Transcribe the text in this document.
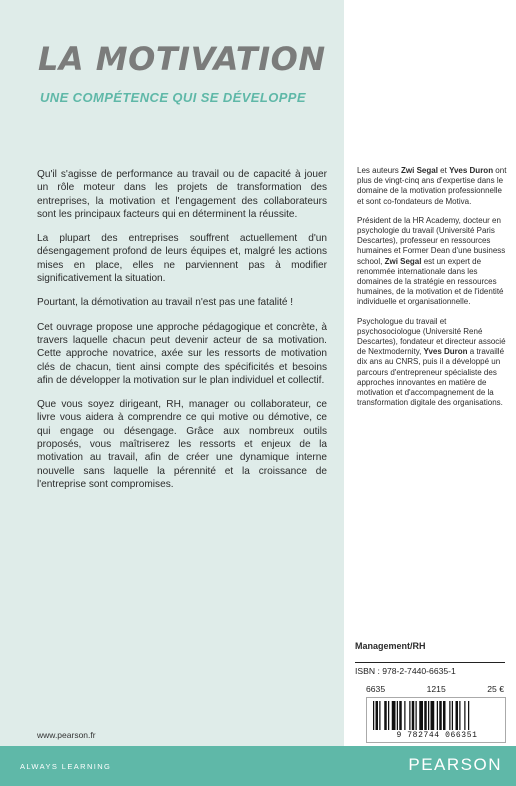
LA MOTIVATION
UNE COMPÉTENCE QUI SE DÉVELOPPE

Qu'il s'agisse de performance au travail ou de capacité à jouer un rôle moteur dans les projets de transformation des entreprises, la motivation et l'engagement des collaborateurs sont les principaux facteurs qui en déterminent la réussite.

La plupart des entreprises souffrent actuellement d'un désengagement profond de leurs équipes et, malgré les actions mises en place, elles ne parviennent pas à modifier significativement la situation.

Pourtant, la démotivation au travail n'est pas une fatalité !

Cet ouvrage propose une approche pédagogique et concrète, à travers laquelle chacun peut devenir acteur de sa motivation. Cette approche novatrice, axée sur les ressorts de motivation clés de chacun, tient ainsi compte des spécificités et besoins afin de développer la motivation sur le plan individuel et collectif.

Que vous soyez dirigeant, RH, manager ou collaborateur, ce livre vous aidera à comprendre ce qui motive ou démotive, ce qui engage ou désengage. Grâce aux nombreux outils proposés, vous maîtriserez les ressorts et enjeux de la motivation au travail, afin de créer une dynamique interne nouvelle sans laquelle la pérennité et la croissance de l'entreprise sont compromises.

Les auteurs Zwi Segal et Yves Duron ont plus de vingt-cinq ans d'expertise dans le domaine de la motivation professionnelle et sont co-fondateurs de Motiva.

Président de la HR Academy, docteur en psychologie du travail (Université Paris Descartes), professeur en ressources humaines et Former Dean d'une business school, Zwi Segal est un expert de renommée internationale dans les domaines de la stratégie en ressources humaines, de la motivation et de l'identité individuelle et organisationnelle.

Psychologue du travail et psychosociologue (Université René Descartes), fondateur et directeur associé de Nextmodernity, Yves Duron a travaillé dix ans au CNRS, puis il a développé un parcours d'entrepreneur spécialiste des approches innovantes en matière de motivation et d'accompagnement de la transformation digitale des organisations.

Management/RH
ISBN : 978-2-7440-6635-1
6635	1215	25 €
9 782744 066351
www.pearson.fr
ALWAYS LEARNING	PEARSON
